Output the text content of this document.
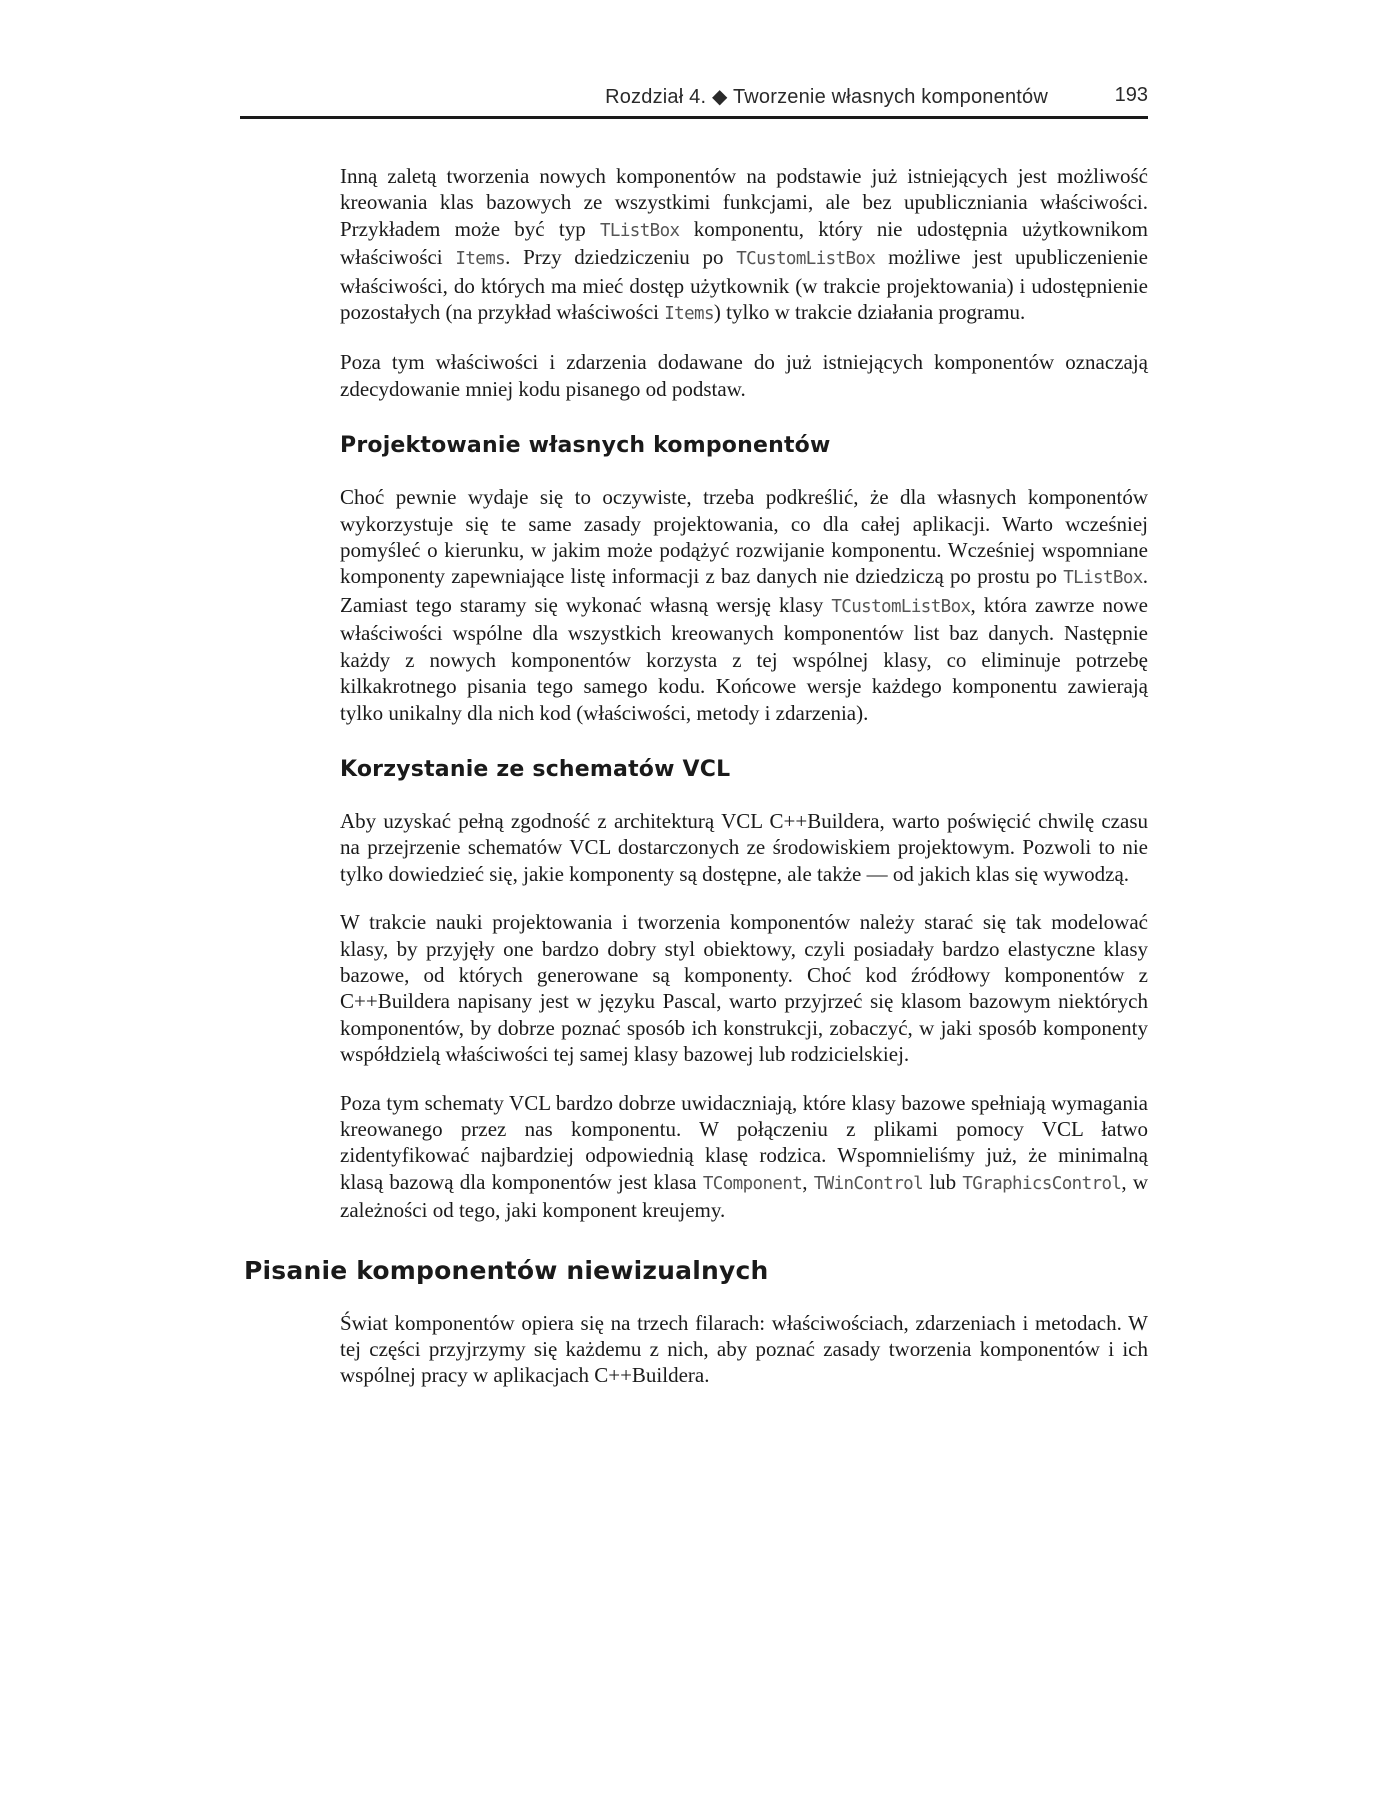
Rozdział 4. ◆ Tworzenie własnych komponentów	193

Inną zaletą tworzenia nowych komponentów na podstawie już istniejących jest możliwość kreowania klas bazowych ze wszystkimi funkcjami, ale bez upubliczniania właściwości. Przykładem może być typ TListBox komponentu, który nie udostępnia użytkownikom właściwości Items. Przy dziedziczeniu po TCustomListBox możliwe jest upubliczenienie właściwości, do których ma mieć dostęp użytkownik (w trakcie projektowania) i udostępnienie pozostałych (na przykład właściwości Items) tylko w trakcie działania programu.

Poza tym właściwości i zdarzenia dodawane do już istniejących komponentów oznaczają zdecydowanie mniej kodu pisanego od podstaw.

Projektowanie własnych komponentów

Choć pewnie wydaje się to oczywiste, trzeba podkreślić, że dla własnych komponentów wykorzystuje się te same zasady projektowania, co dla całej aplikacji. Warto wcześniej pomyśleć o kierunku, w jakim może podążyć rozwijanie komponentu. Wcześniej wspomniane komponenty zapewniające listę informacji z baz danych nie dziedziczą po prostu po TListBox. Zamiast tego staramy się wykonać własną wersję klasy TCustomListBox, która zawrze nowe właściwości wspólne dla wszystkich kreowanych komponentów list baz danych. Następnie każdy z nowych komponentów korzysta z tej wspólnej klasy, co eliminuje potrzebę kilkakrotnego pisania tego samego kodu. Końcowe wersje każdego komponentu zawierają tylko unikalny dla nich kod (właściwości, metody i zdarzenia).

Korzystanie ze schematów VCL

Aby uzyskać pełną zgodność z architekturą VCL C++Buildera, warto poświęcić chwilę czasu na przejrzenie schematów VCL dostarczonych ze środowiskiem projektowym. Pozwoli to nie tylko dowiedzieć się, jakie komponenty są dostępne, ale także — od jakich klas się wywodzą.

W trakcie nauki projektowania i tworzenia komponentów należy starać się tak modelować klasy, by przyjęły one bardzo dobry styl obiektowy, czyli posiadały bardzo elastyczne klasy bazowe, od których generowane są komponenty. Choć kod źródłowy komponentów z C++Buildera napisany jest w języku Pascal, warto przyjrzeć się klasom bazowym niektórych komponentów, by dobrze poznać sposób ich konstrukcji, zobaczyć, w jaki sposób komponenty współdzielą właściwości tej samej klasy bazowej lub rodzicielskiej.

Poza tym schematy VCL bardzo dobrze uwidaczniają, które klasy bazowe spełniają wymagania kreowanego przez nas komponentu. W połączeniu z plikami pomocy VCL łatwo zidentyfikować najbardziej odpowiednią klasę rodzica. Wspomnieliśmy już, że minimalną klasą bazową dla komponentów jest klasa TComponent, TWinControl lub TGraphicsControl, w zależności od tego, jaki komponent kreujemy.

Pisanie komponentów niewizualnych

Świat komponentów opiera się na trzech filarach: właściwościach, zdarzeniach i metodach. W tej części przyjrzymy się każdemu z nich, aby poznać zasady tworzenia komponentów i ich wspólnej pracy w aplikacjach C++Buildera.
